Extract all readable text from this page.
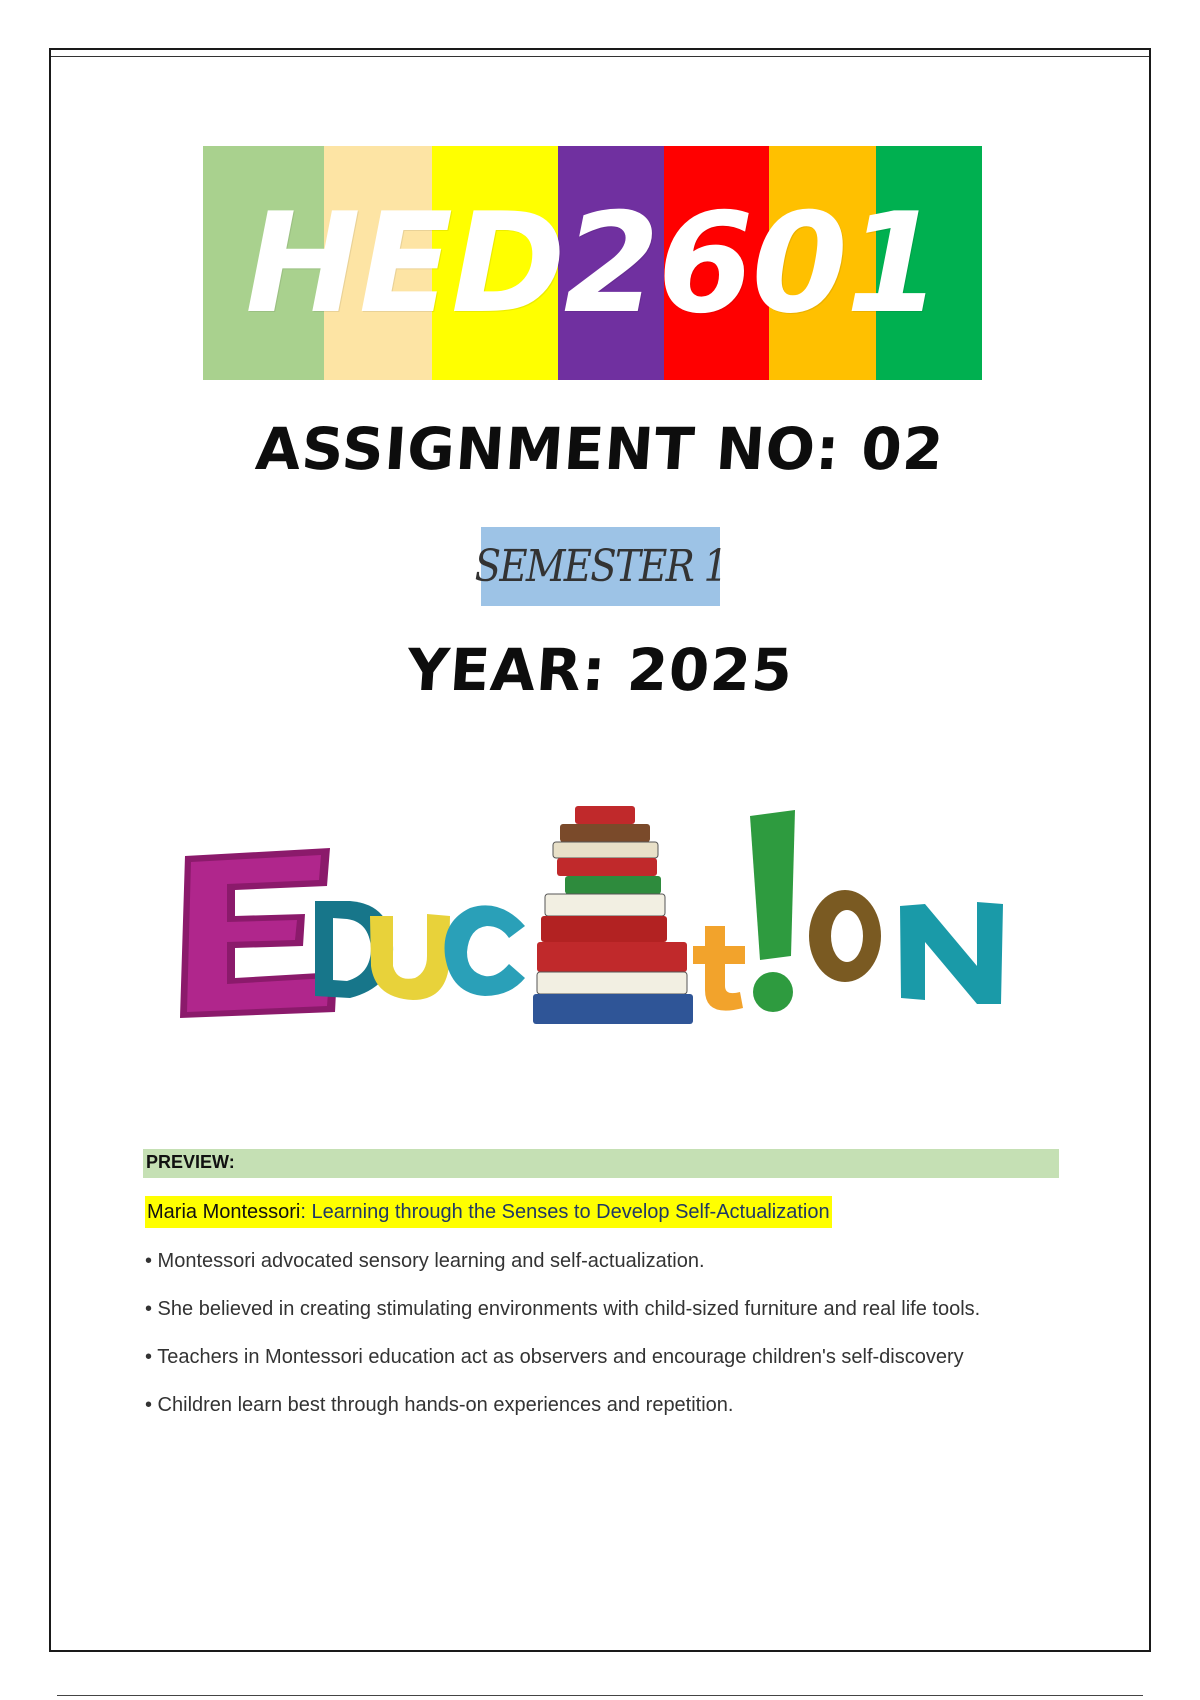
HED2601
ASSIGNMENT NO: 02
SEMESTER 1
YEAR: 2025
PREVIEW:
Maria Montessori: Learning through the Senses to Develop Self-Actualization

• Montessori advocated sensory learning and self-actualization.

• She believed in creating stimulating environments with child-sized furniture and real life tools.

• Teachers in Montessori education act as observers and encourage children's self-discovery

• Children learn best through hands-on experiences and repetition.
